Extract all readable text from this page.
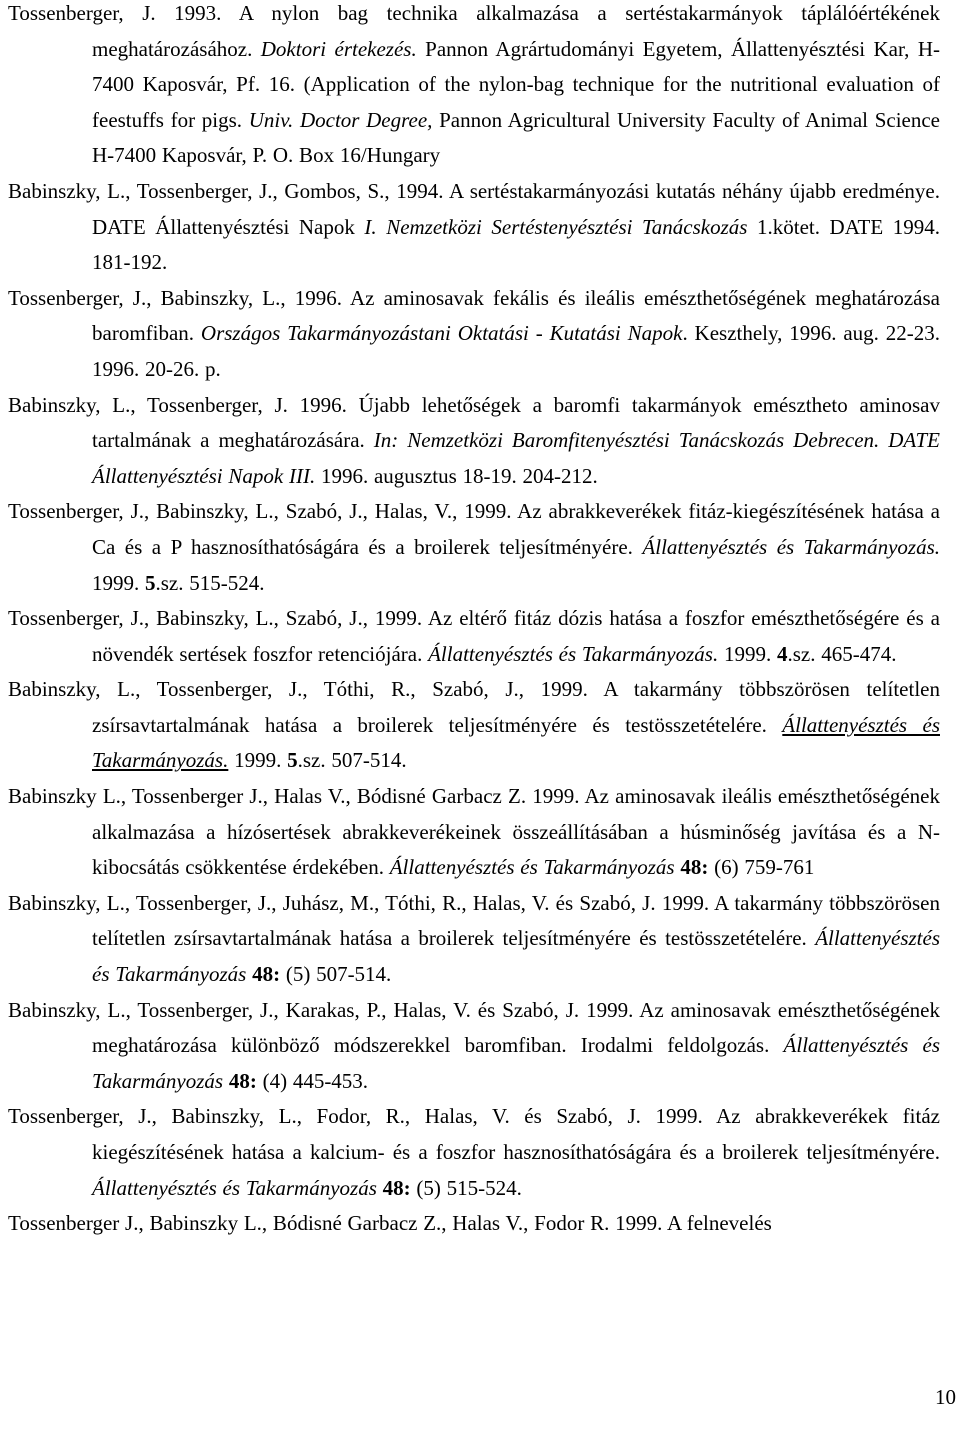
Tossenberger, J. 1993. A nylon bag technika alkalmazása a sertéstakarmányok táplálóértékének meghatározásához. Doktori értekezés. Pannon Agrártudományi Egyetem, Állattenyésztési Kar, H-7400 Kaposvár, Pf. 16. (Application of the nylon-bag technique for the nutritional evaluation of feestuffs for pigs. Univ. Doctor Degree, Pannon Agricultural University Faculty of Animal Science H-7400 Kaposvár, P. O. Box 16/Hungary

Babinszky, L., Tossenberger, J., Gombos, S., 1994. A sertéstakarmányozási kutatás néhány újabb eredménye. DATE Állattenyésztési Napok I. Nemzetközi Sertéstenyésztési Tanácskozás 1.kötet. DATE 1994. 181-192.

Tossenberger, J., Babinszky, L., 1996. Az aminosavak fekális és ileális emészthetőségének meghatározása baromfiban. Országos Takarmányozástani Oktatási - Kutatási Napok. Keszthely, 1996. aug. 22-23. 1996. 20-26. p.

Babinszky, L., Tossenberger, J. 1996. Újabb lehetőségek a baromfi takarmányok emésztheto aminosav tartalmának a meghatározására. In: Nemzetközi Baromfitenyésztési Tanácskozás Debrecen. DATE Állattenyésztési Napok III. 1996. augusztus 18-19. 204-212.

Tossenberger, J., Babinszky, L., Szabó, J., Halas, V., 1999. Az abrakkeverékek fitáz-kiegészítésének hatása a Ca és a P hasznosíthatóságára és a broilerek teljesítményére. Állattenyésztés és Takarmányozás. 1999. 5.sz. 515-524.

Tossenberger, J., Babinszky, L., Szabó, J., 1999. Az eltérő fitáz dózis hatása a foszfor emészthetőségére és a növendék sertések foszfor retenciójára. Állattenyésztés és Takarmányozás. 1999. 4.sz. 465-474.

Babinszky, L., Tossenberger, J., Tóthi, R., Szabó, J., 1999. A takarmány többszörösen telítetlen zsírsavtartalmának hatása a broilerek teljesítményére és testösszetételére. Állattenyésztés és Takarmányozás. 1999. 5.sz. 507-514.

Babinszky L., Tossenberger J., Halas V., Bódisné Garbacz Z. 1999. Az aminosavak ileális emészthetőségének alkalmazása a hízósertések abrakkeverékeinek összeállításában a húsminőség javítása és a N-kibocsátás csökkentése érdekében. Állattenyésztés és Takarmányozás 48: (6) 759-761

Babinszky, L., Tossenberger, J., Juhász, M., Tóthi, R., Halas, V. és Szabó, J. 1999. A takarmány többszörösen telítetlen zsírsavtartalmának hatása a broilerek teljesítményére és testösszetételére. Állattenyésztés és Takarmányozás 48: (5) 507-514.

Babinszky, L., Tossenberger, J., Karakas, P., Halas, V. és Szabó, J. 1999. Az aminosavak emészthetőségének meghatározása különböző módszerekkel baromfiban. Irodalmi feldolgozás. Állattenyésztés és Takarmányozás 48: (4) 445-453.

Tossenberger, J., Babinszky, L., Fodor, R., Halas, V. és Szabó, J. 1999. Az abrakkeverékek fitáz kiegészítésének hatása a kalcium- és a foszfor hasznosíthatóságára és a broilerek teljesítményére. Állattenyésztés és Takarmányozás 48: (5) 515-524.

Tossenberger J., Babinszky L., Bódisné Garbacz Z., Halas V., Fodor R. 1999. A felnevelés

10
